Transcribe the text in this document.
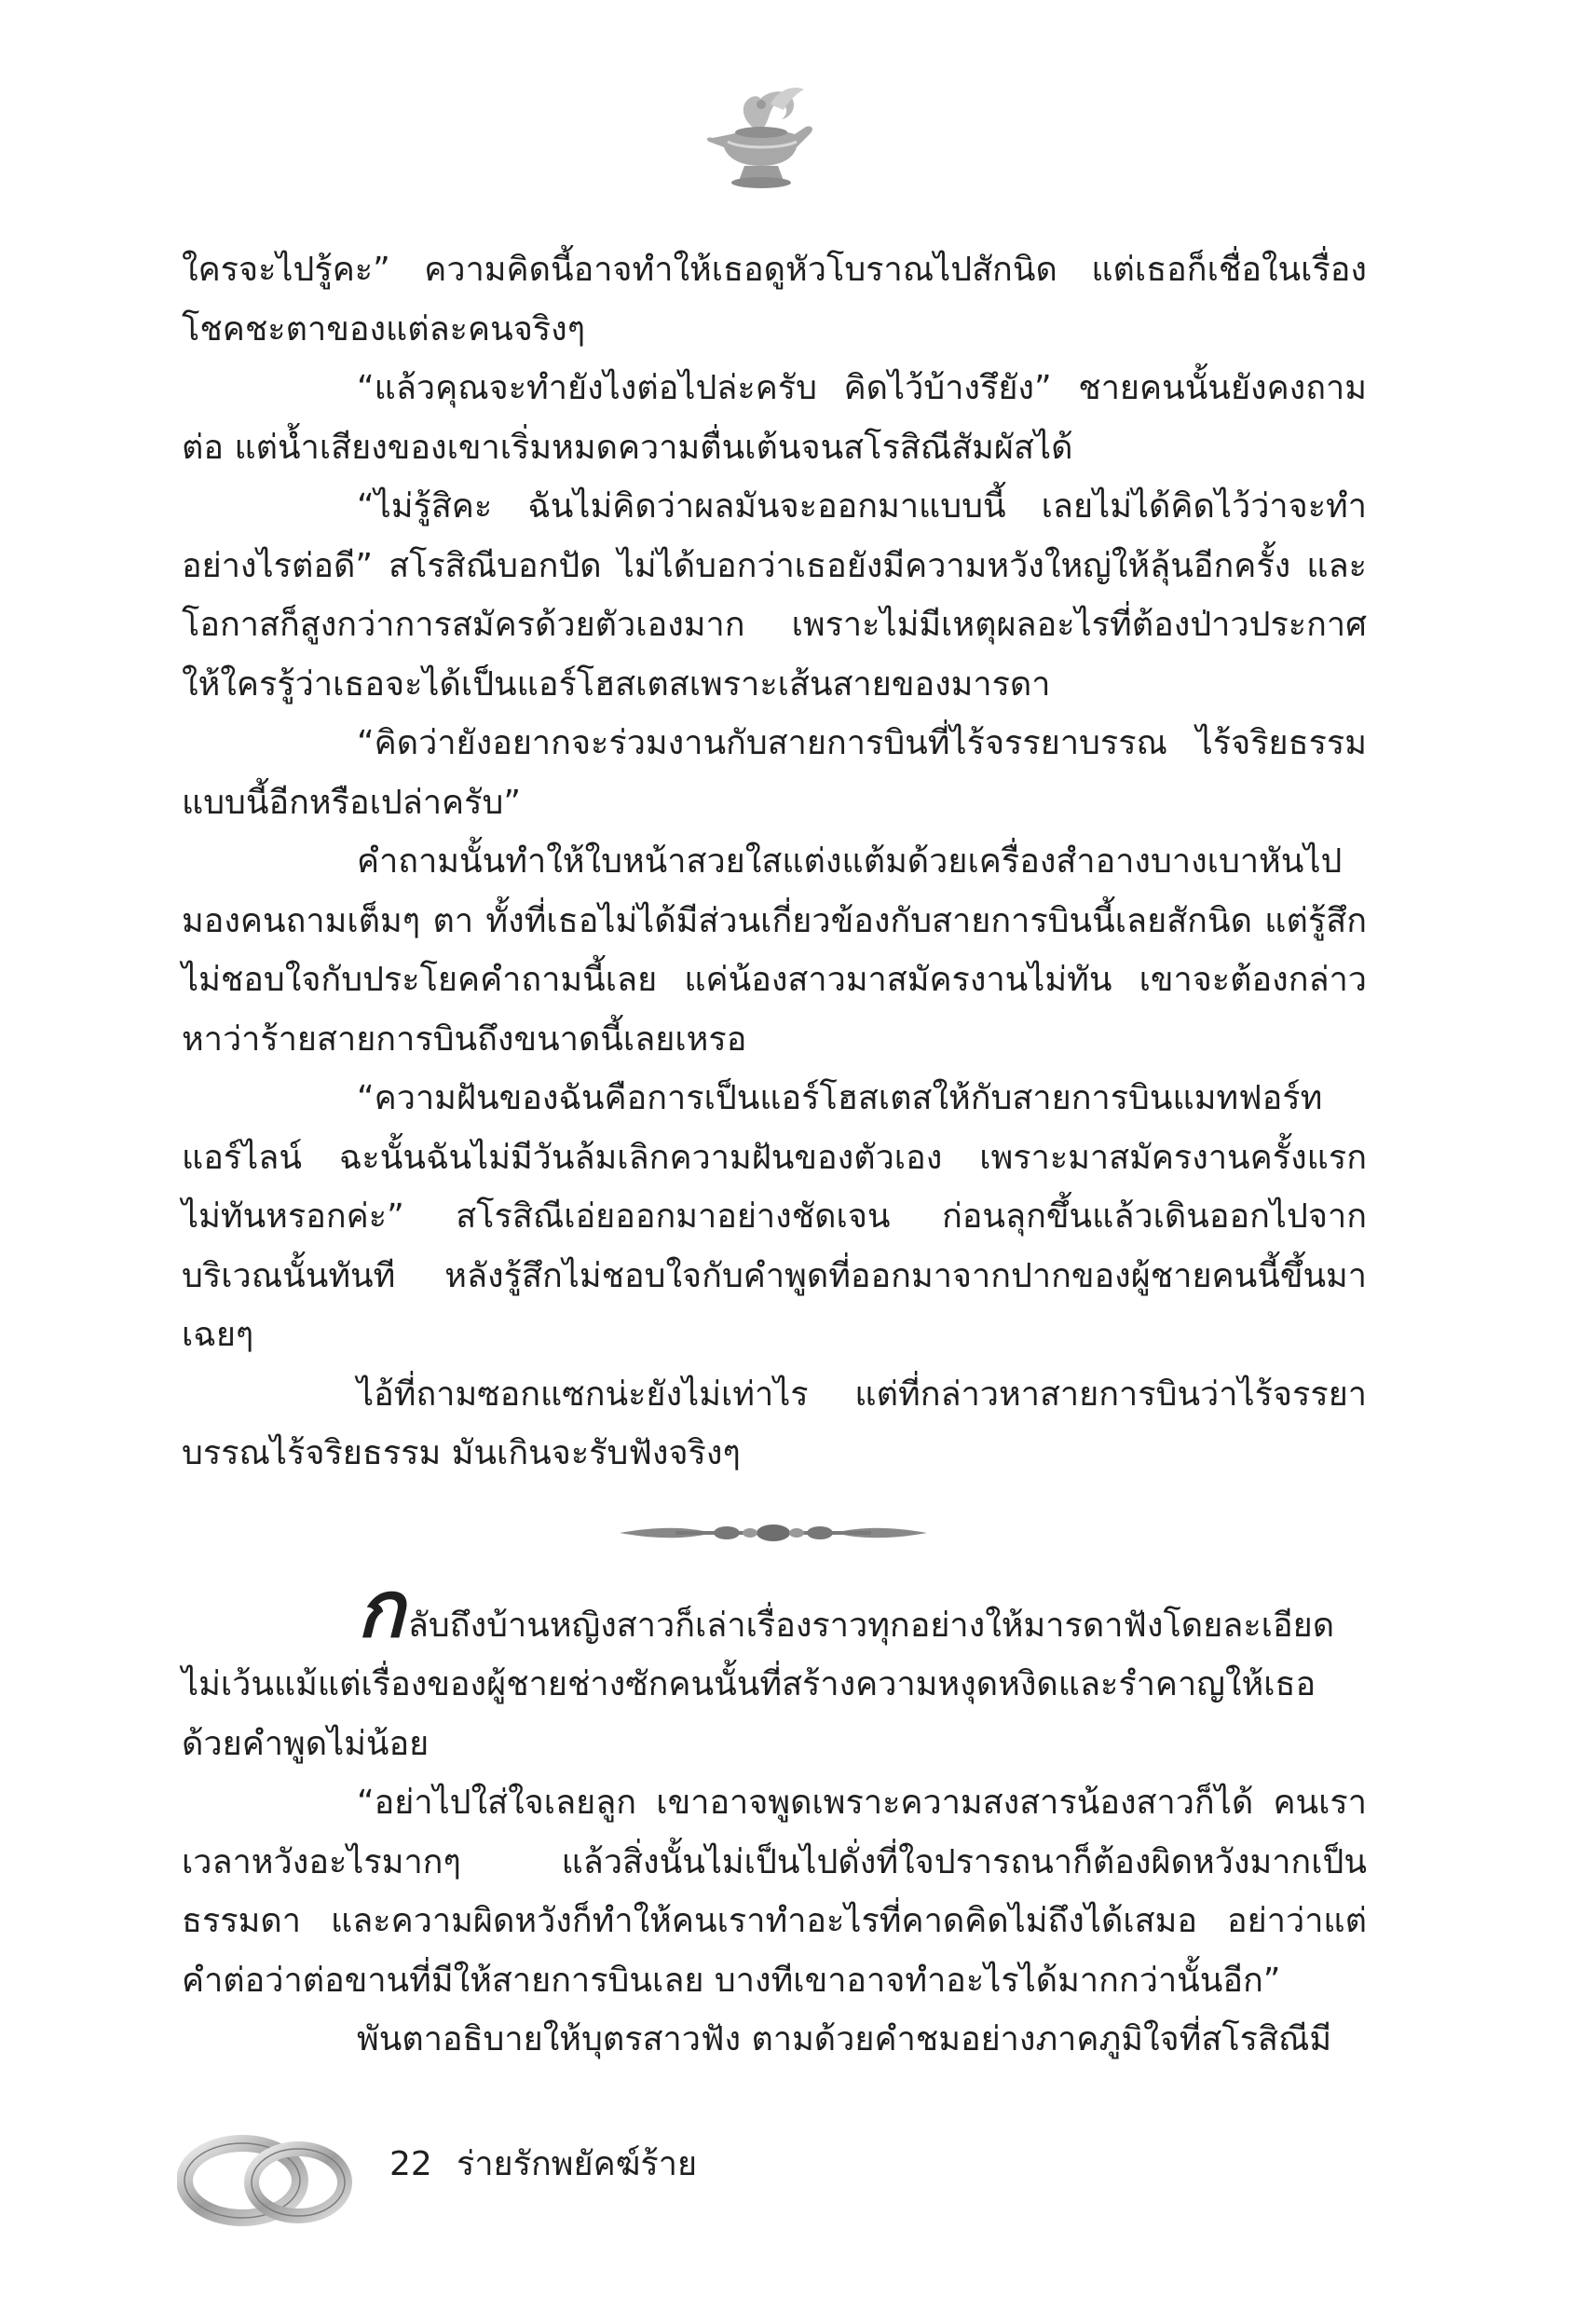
ใครจะไปรู้คะ” ความคิดนี้อาจทำให้เธอดูหัวโบราณไปสักนิด แต่เธอก็เชื่อในเรื่องโชคชะตาของแต่ละคนจริงๆ

“แล้วคุณจะทำยังไงต่อไปล่ะครับ คิดไว้บ้างรึยัง” ชายคนนั้นยังคงถามต่อ แต่น้ำเสียงของเขาเริ่มหมดความตื่นเต้นจนสโรสิณีสัมผัสได้

“ไม่รู้สิคะ ฉันไม่คิดว่าผลมันจะออกมาแบบนี้ เลยไม่ได้คิดไว้ว่าจะทำอย่างไรต่อดี” สโรสิณีบอกปัด ไม่ได้บอกว่าเธอยังมีความหวังใหญ่ให้ลุ้นอีกครั้ง และโอกาสก็สูงกว่าการสมัครด้วยตัวเองมาก เพราะไม่มีเหตุผลอะไรที่ต้องป่าวประกาศให้ใครรู้ว่าเธอจะได้เป็นแอร์โฮสเตสเพราะเส้นสายของมารดา

“คิดว่ายังอยากจะร่วมงานกับสายการบินที่ไร้จรรยาบรรณ ไร้จริยธรรมแบบนี้อีกหรือเปล่าครับ”

คำถามนั้นทำให้ใบหน้าสวยใสแต่งแต้มด้วยเครื่องสำอางบางเบาหันไปมองคนถามเต็มๆ ตา ทั้งที่เธอไม่ได้มีส่วนเกี่ยวข้องกับสายการบินนี้เลยสักนิด แต่รู้สึกไม่ชอบใจกับประโยคคำถามนี้เลย แค่น้องสาวมาสมัครงานไม่ทัน เขาจะต้องกล่าวหาว่าร้ายสายการบินถึงขนาดนี้เลยเหรอ

“ความฝันของฉันคือการเป็นแอร์โฮสเตสให้กับสายการบินแมทฟอร์ทแอร์ไลน์ ฉะนั้นฉันไม่มีวันล้มเลิกความฝันของตัวเอง เพราะมาสมัครงานครั้งแรกไม่ทันหรอกค่ะ” สโรสิณีเอ่ยออกมาอย่างชัดเจน ก่อนลุกขึ้นแล้วเดินออกไปจากบริเวณนั้นทันที หลังรู้สึกไม่ชอบใจกับคำพูดที่ออกมาจากปากของผู้ชายคนนี้ขึ้นมาเฉยๆ

ไอ้ที่ถามซอกแซกน่ะยังไม่เท่าไร แต่ที่กล่าวหาสายการบินว่าไร้จรรยาบรรณไร้จริยธรรม มันเกินจะรับฟังจริงๆ

กลับถึงบ้านหญิงสาวก็เล่าเรื่องราวทุกอย่างให้มารดาฟังโดยละเอียดไม่เว้นแม้แต่เรื่องของผู้ชายช่างซักคนนั้นที่สร้างความหงุดหงิดและรำคาญให้เธอด้วยคำพูดไม่น้อย

“อย่าไปใส่ใจเลยลูก เขาอาจพูดเพราะความสงสารน้องสาวก็ได้ คนเราเวลาหวังอะไรมากๆ แล้วสิ่งนั้นไม่เป็นไปดั่งที่ใจปรารถนาก็ต้องผิดหวังมากเป็นธรรมดา และความผิดหวังก็ทำให้คนเราทำอะไรที่คาดคิดไม่ถึงได้เสมอ อย่าว่าแต่คำต่อว่าต่อขานที่มีให้สายการบินเลย บางทีเขาอาจทำอะไรได้มากกว่านั้นอีก”

พันตาอธิบายให้บุตรสาวฟัง ตามด้วยคำชมอย่างภาคภูมิใจที่สโรสิณีมี

22 ร่ายรักพยัคฆ์ร้าย
